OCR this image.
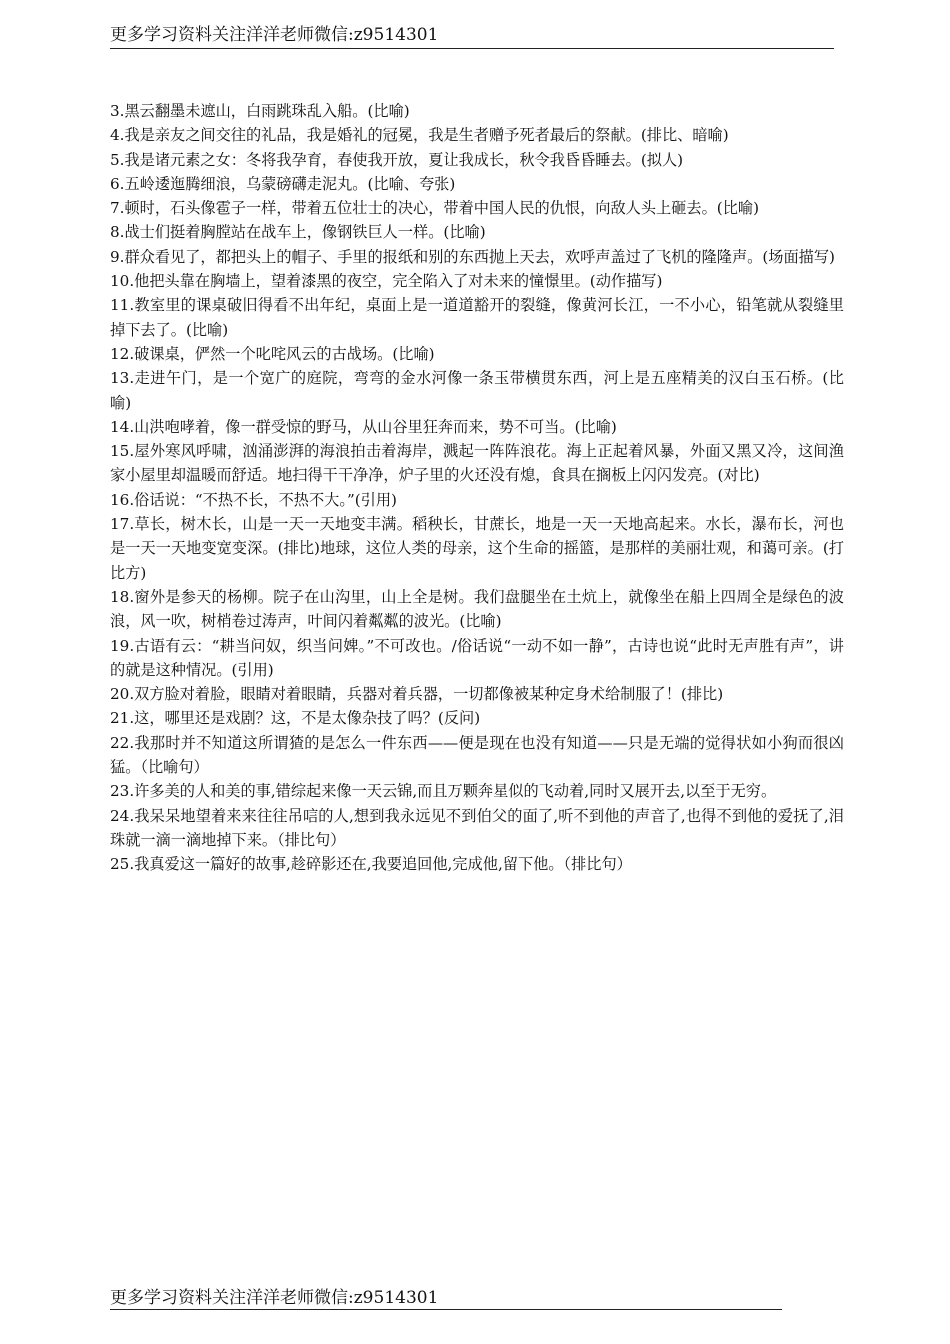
更多学习资料关注洋洋老师微信:z9514301

3.黑云翻墨未遮山，白雨跳珠乱入船。(比喻)

4.我是亲友之间交往的礼品，我是婚礼的冠冕，我是生者赠予死者最后的祭献。(排比、暗喻)

5.我是诸元素之女：冬将我孕育，春使我开放，夏让我成长，秋令我昏昏睡去。(拟人)

6.五岭逶迤腾细浪，乌蒙磅礴走泥丸。(比喻、夸张)

7.顿时，石头像雹子一样，带着五位壮士的决心，带着中国人民的仇恨，向敌人头上砸去。(比喻)

8.战士们挺着胸膛站在战车上，像钢铁巨人一样。(比喻)

9.群众看见了，都把头上的帽子、手里的报纸和别的东西抛上天去，欢呼声盖过了飞机的隆隆声。(场面描写)

10.他把头靠在胸墙上，望着漆黑的夜空，完全陷入了对未来的憧憬里。(动作描写)

11.教室里的课桌破旧得看不出年纪，桌面上是一道道豁开的裂缝，像黄河长江，一不小心，铅笔就从裂缝里掉下去了。(比喻)

12.破课桌，俨然一个叱咤风云的古战场。(比喻)

13.走进午门，是一个宽广的庭院，弯弯的金水河像一条玉带横贯东西，河上是五座精美的汉白玉石桥。(比喻)

14.山洪咆哮着，像一群受惊的野马，从山谷里狂奔而来，势不可当。(比喻)

15.屋外寒风呼啸，汹涌澎湃的海浪拍击着海岸，溅起一阵阵浪花。海上正起着风暴，外面又黑又冷，这间渔家小屋里却温暖而舒适。地扫得干干净净，炉子里的火还没有熄，食具在搁板上闪闪发亮。(对比)

16.俗话说：“不热不长，不热不大。”(引用)

17.草长，树木长，山是一天一天地变丰满。稻秧长，甘蔗长，地是一天一天地高起来。水长，瀑布长，河也是一天一天地变宽变深。(排比)地球，这位人类的母亲，这个生命的摇篮，是那样的美丽壮观，和蔼可亲。(打比方)

18.窗外是参天的杨柳。院子在山沟里，山上全是树。我们盘腿坐在土炕上，就像坐在船上四周全是绿色的波浪，风一吹，树梢卷过涛声，叶间闪着粼粼的波光。(比喻)

19.古语有云：“耕当问奴，织当问婢。”不可改也。/俗话说“一动不如一静”，古诗也说“此时无声胜有声”，讲的就是这种情况。(引用)

20.双方脸对着脸，眼睛对着眼睛，兵器对着兵器，一切都像被某种定身术给制服了！(排比)

21.这，哪里还是戏剧？这，不是太像杂技了吗？(反问)

22.我那时并不知道这所谓猹的是怎么一件东西——便是现在也没有知道——只是无端的觉得状如小狗而很凶猛。（比喻句）

23.许多美的人和美的事,错综起来像一天云锦,而且万颗奔星似的飞动着,同时又展开去,以至于无穷。

24.我呆呆地望着来来往往吊唁的人,想到我永远见不到伯父的面了,听不到他的声音了,也得不到他的爱抚了,泪珠就一滴一滴地掉下来。（排比句）

25.我真爱这一篇好的故事,趁碎影还在,我要追回他,完成他,留下他。（排比句）

更多学习资料关注洋洋老师微信:z9514301
